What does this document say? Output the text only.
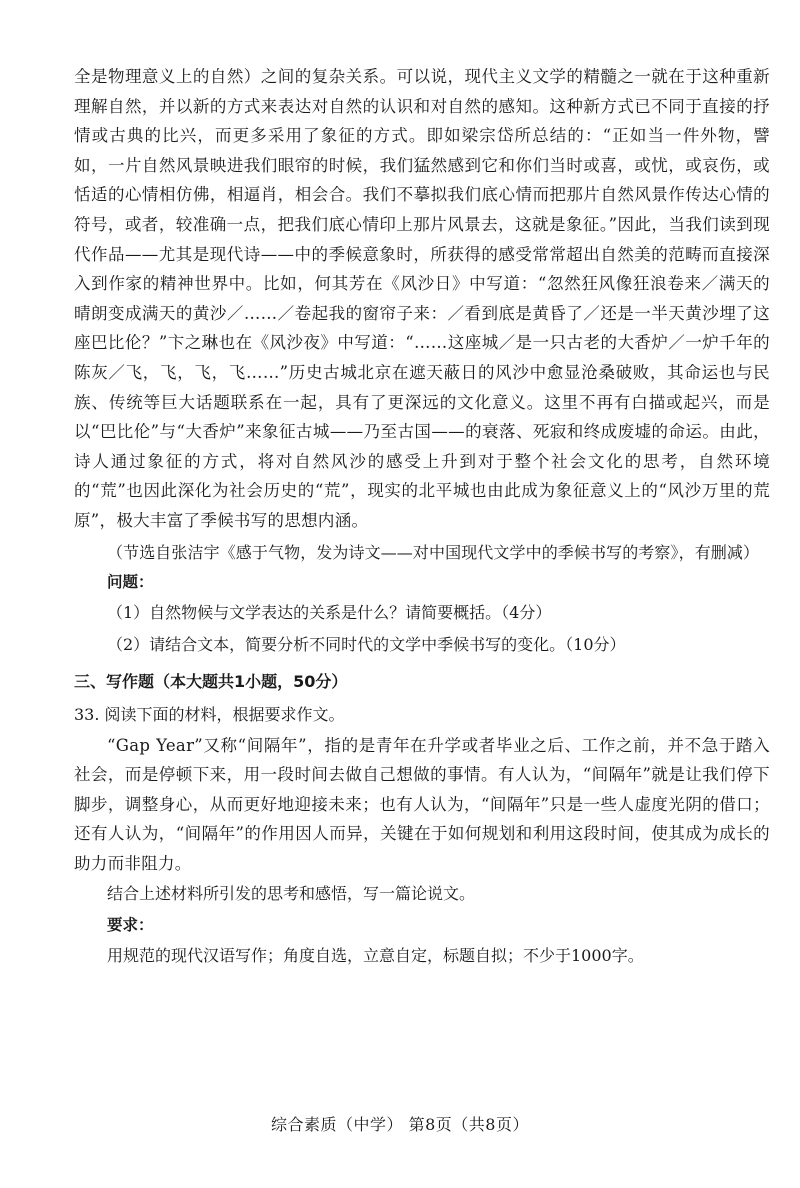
全是物理意义上的自然）之间的复杂关系。可以说，现代主义文学的精髓之一就在于这种重新理解自然，并以新的方式来表达对自然的认识和对自然的感知。这种新方式已不同于直接的抒情或古典的比兴，而更多采用了象征的方式。即如梁宗岱所总结的：“正如当一件外物，譬如，一片自然风景映进我们眼帘的时候，我们猛然感到它和你们当时或喜，或忧，或哀伤，或恬适的心情相仿佛，相逼肖，相会合。我们不摹拟我们底心情而把那片自然风景作传达心情的符号，或者，较准确一点，把我们底心情印上那片风景去，这就是象征。”因此，当我们读到现代作品——尤其是现代诗——中的季候意象时，所获得的感受常常超出自然美的范畴而直接深入到作家的精神世界中。比如，何其芳在《风沙日》中写道：“忽然狂风像狂浪卷来／满天的晴朗变成满天的黄沙／……／卷起我的窗帘子来：／看到底是黄昏了／还是一半天黄沙埋了这座巴比伦？”卞之琳也在《风沙夜》中写道：“……这座城／是一只古老的大香炉／一炉千年的陈灰／飞，飞，飞，飞……”历史古城北京在遮天蔽日的风沙中愈显沧桑破败，其命运也与民族、传统等巨大话题联系在一起，具有了更深远的文化意义。这里不再有白描或起兴，而是以“巴比伦”与“大香炉”来象征古城——乃至古国——的衰落、死寂和终成废墟的命运。由此，诗人通过象征的方式，将对自然风沙的感受上升到对于整个社会文化的思考，自然环境的“荒”也因此深化为社会历史的“荒”，现实的北平城也由此成为象征意义上的“风沙万里的荒原”，极大丰富了季候书写的思想内涵。

（节选自张洁宇《感于气物，发为诗文——对中国现代文学中的季候书写的考察》，有删减）

问题：

（1）自然物候与文学表达的关系是什么？请简要概括。（4分）

（2）请结合文本，简要分析不同时代的文学中季候书写的变化。（10分）

三、写作题（本大题共1小题，50分）

33. 阅读下面的材料，根据要求作文。

“Gap Year”又称“间隔年”，指的是青年在升学或者毕业之后、工作之前，并不急于踏入社会，而是停顿下来，用一段时间去做自己想做的事情。有人认为，“间隔年”就是让我们停下脚步，调整身心，从而更好地迎接未来；也有人认为，“间隔年”只是一些人虚度光阴的借口；还有人认为，“间隔年”的作用因人而异，关键在于如何规划和利用这段时间，使其成为成长的助力而非阻力。

结合上述材料所引发的思考和感悟，写一篇论说文。

要求：

用规范的现代汉语写作；角度自选，立意自定，标题自拟；不少于1000字。

综合素质（中学） 第8页（共8页）
